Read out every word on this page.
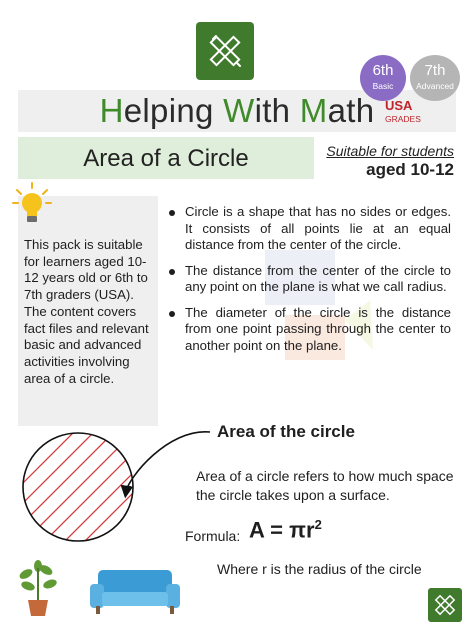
Helping With Math
6th
Basic
7th
Advanced
USA
GRADES
Area of a Circle	Suitable for students
aged 10-12
This pack is suitable for learners aged 10-12 years old or 6th to 7th graders (USA). The content covers fact files and relevant basic and advanced activities involving area of a circle.
Circle is a shape that has no sides or edges. It consists of all points lie at an equal distance from the center of the circle.
The distance from the center of the circle to any point on the plane is what we call radius.
The diameter of the circle is the distance from one point passing through the center to another point on the plane.
Area of the circle
Area of a circle refers to how much space the circle takes upon a surface.
Formula: $A = \pi r^2$
Where r is the radius of the circle
